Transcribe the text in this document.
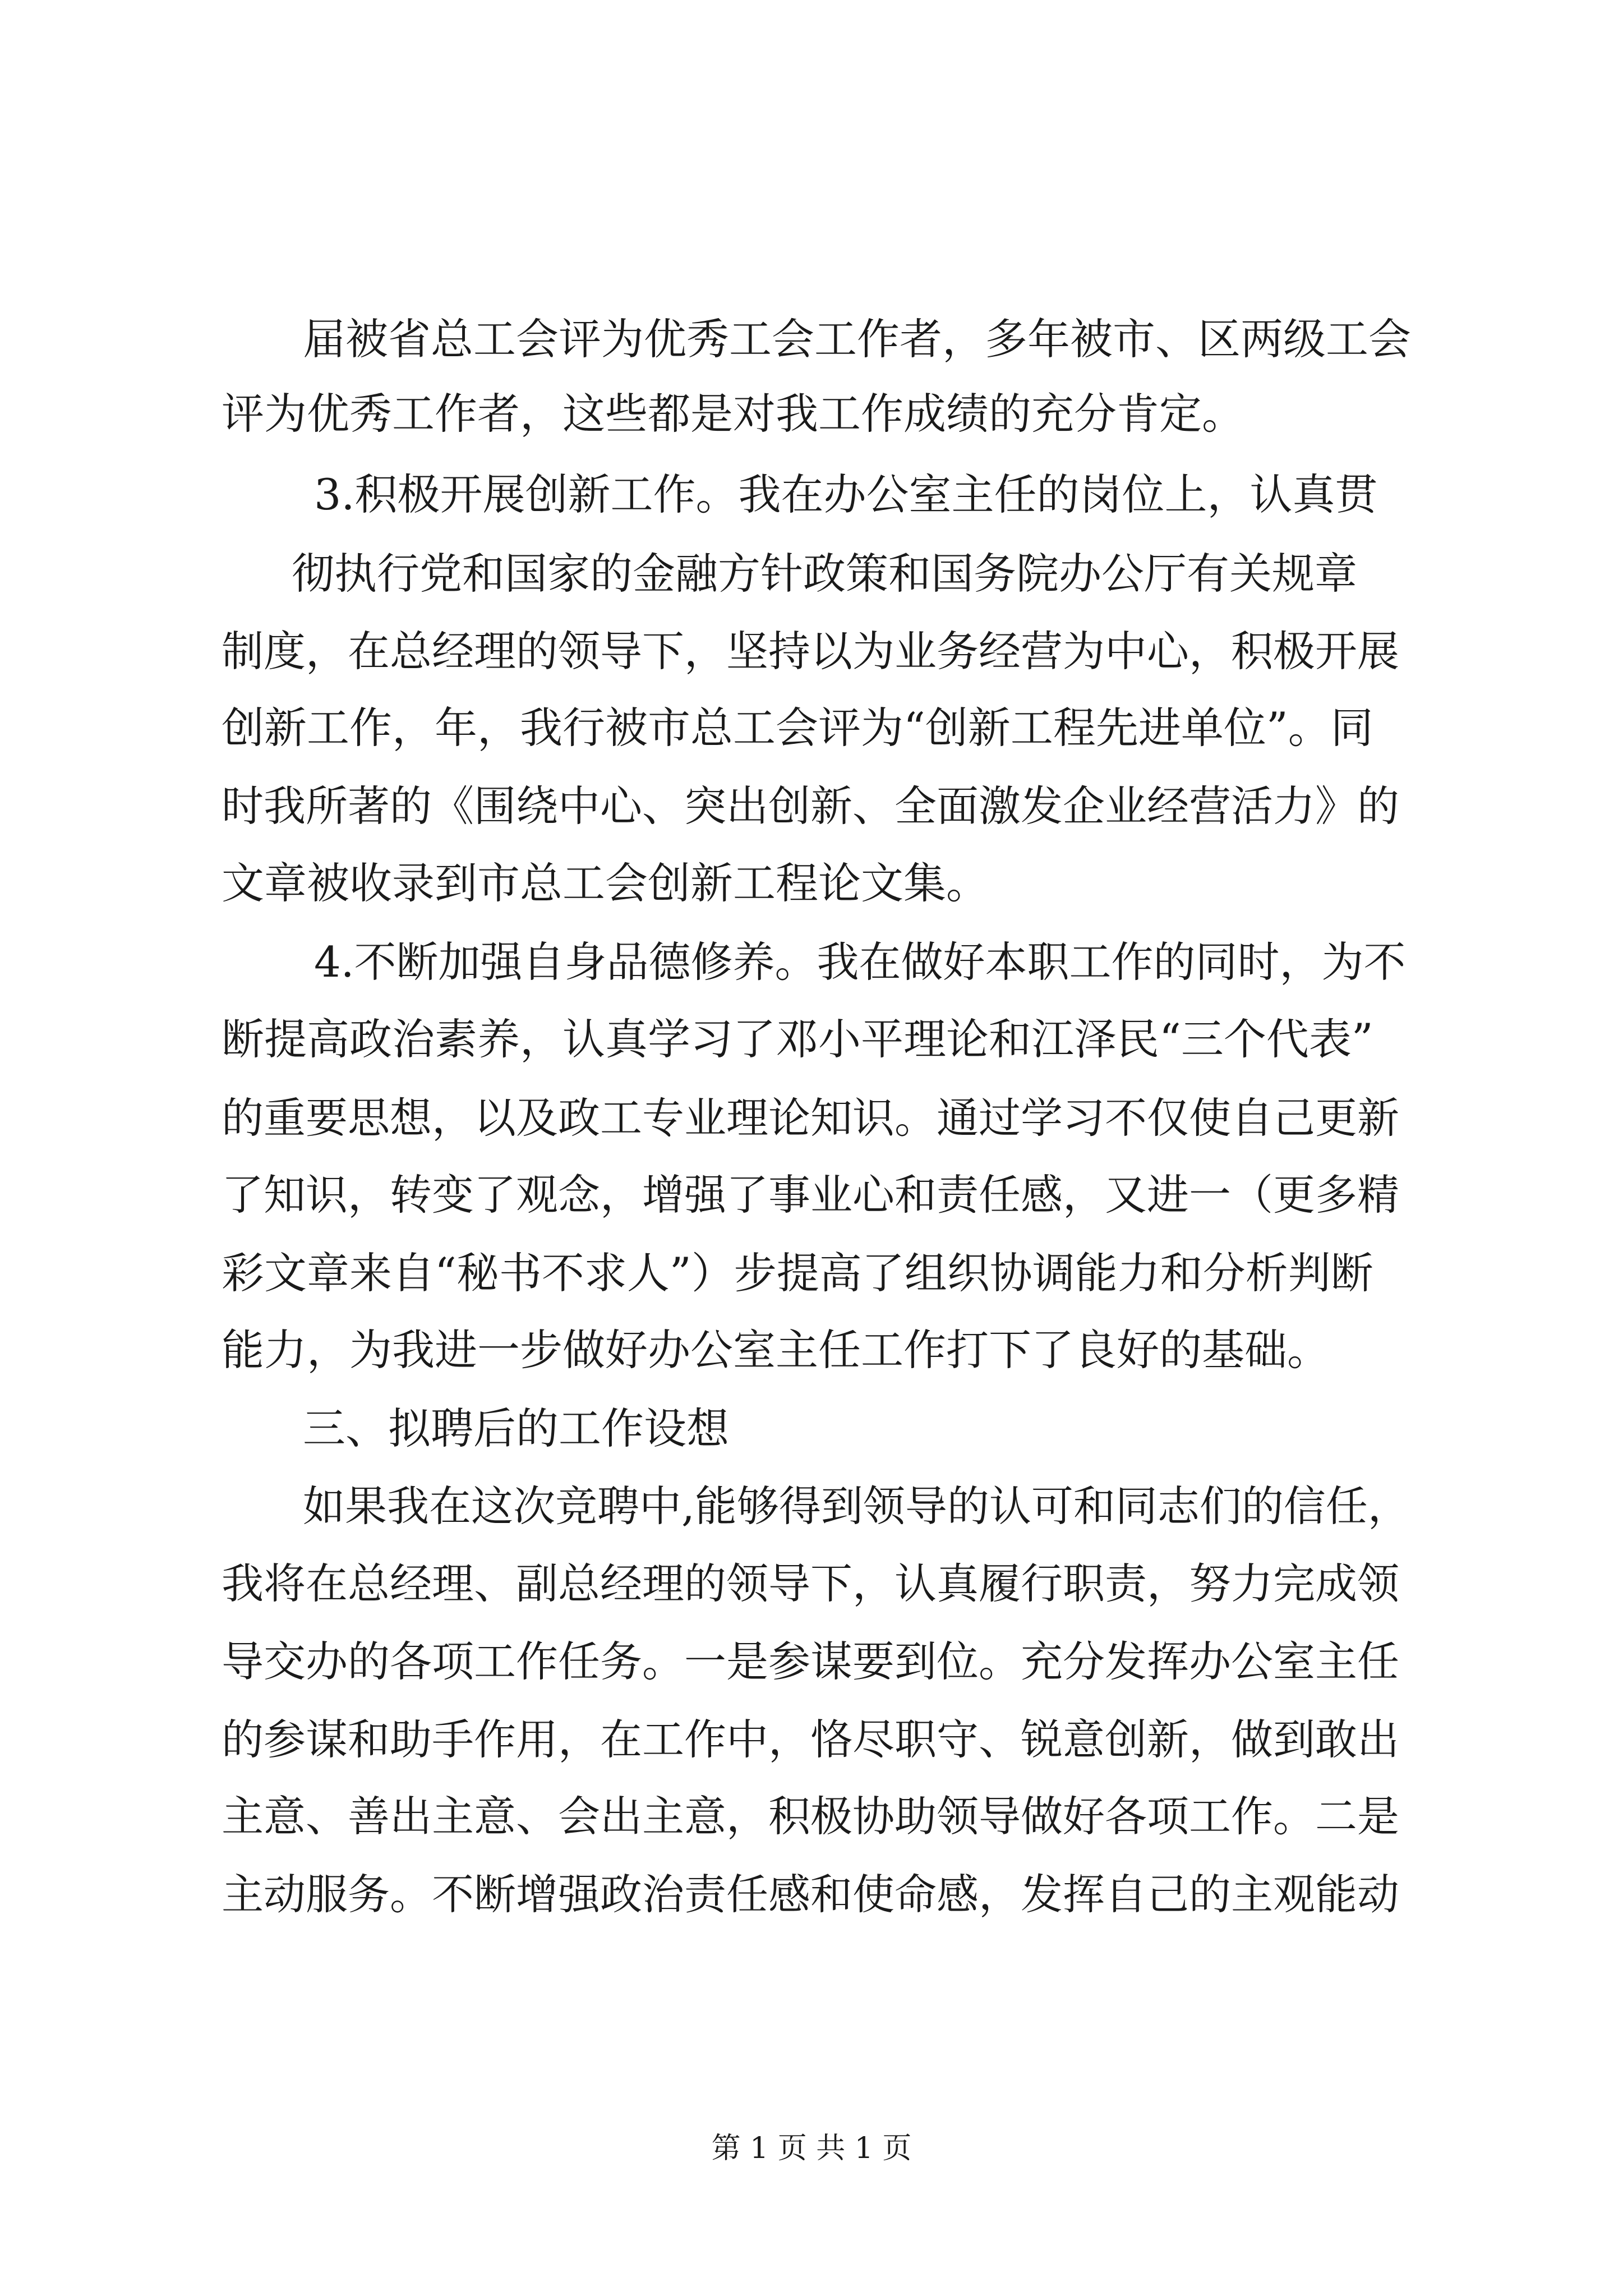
届被省总工会评为优秀工会工作者，多年被市、区两级工会
评为优秀工作者，这些都是对我工作成绩的充分肯定。
3.积极开展创新工作。我在办公室主任的岗位上，认真贯
彻执行党和国家的金融方针政策和国务院办公厅有关规章
制度，在总经理的领导下，坚持以为业务经营为中心，积极开展
创新工作，年，我行被市总工会评为“创新工程先进单位”。同
时我所著的《围绕中心、突出创新、全面激发企业经营活力》的
文章被收录到市总工会创新工程论文集。
4.不断加强自身品德修养。我在做好本职工作的同时，为不
断提高政治素养，认真学习了邓小平理论和江泽民“三个代表”
的重要思想，以及政工专业理论知识。通过学习不仅使自己更新
了知识，转变了观念，增强了事业心和责任感，又进一（更多精
彩文章来自“秘书不求人”）步提高了组织协调能力和分析判断
能力，为我进一步做好办公室主任工作打下了良好的基础。
三、拟聘后的工作设想
如果我在这次竞聘中,能够得到领导的认可和同志们的信任，
我将在总经理、副总经理的领导下，认真履行职责，努力完成领
导交办的各项工作任务。一是参谋要到位。充分发挥办公室主任
的参谋和助手作用，在工作中，恪尽职守、锐意创新，做到敢出
主意、善出主意、会出主意，积极协助领导做好各项工作。二是
主动服务。不断增强政治责任感和使命感，发挥自己的主观能动
第 1 页 共 1 页
